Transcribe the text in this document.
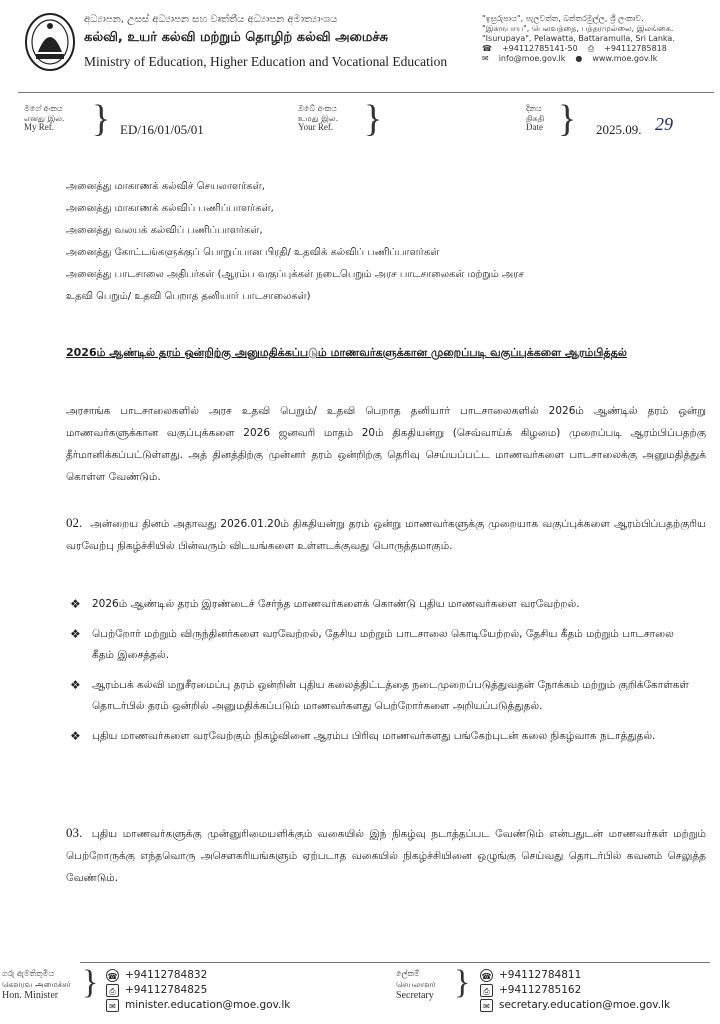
අධ්‍යාපන, උසස් අධ්‍යාපන සහ වෘත්තීය අධ්‍යාපන අමාත්‍යාංශය
கல்வி, உயர் கல்வி மற்றும் தொழிற் கல்வி அமைச்சு
Ministry of Education, Higher Education and Vocational Education
"ඉසුරුපාය", පැලවත්ත, බත්තරමුල්ල, ශ්‍රී ලංකාව.
"இசுருபாய", பெலவத்தை, பத்தரமுல்லை, இலங்கை.
"Isurupaya", Pelawatta, Battaramulla, Sri Lanka.
☎ +94112785141-50 ⎙ +94112785818
✉ info@moe.gov.lk ● www.moe.gov.lk
මගේ අංකය
எனது இல.
My Ref. } ED/16/01/05/01
ඔබේ අංකය
உமது இல.
Your Ref. }	දිනය
திகதி
Date } 2025.09. 29
அனைத்து மாகாணக் கல்விச் செயலாளர்கள்,
அனைத்து மாகாணக் கல்விப் பணிப்பாளர்கள்,
அனைத்து வலயக் கல்விப் பணிப்பாளர்கள்,
அனைத்து கோட்டங்களுக்குப் பொறுப்பான பிரதி/ உதவிக் கல்விப் பணிப்பாளர்கள்
அனைத்து பாடசாலை அதிபர்கள் (ஆரம்ப வகுப்புக்கள் நடைபெறும் அரச பாடசாலைகள் மற்றும் அரச
உதவி பெறும்/ உதவி பெறாத தனியார் பாடசாலைகள்)
2026ம் ஆண்டில் தரம் ஒன்றிற்கு அனுமதிக்கப்படும் மாணவர்களுக்கான முறைப்படி வகுப்புக்களை ஆரம்பித்தல்
அரசாங்க பாடசாலைகளில் அரச உதவி பெறும்/ உதவி பெறாத தனியார் பாடசாலைகளில் 2026ம் ஆண்டில் தரம் ஒன்று மாணவர்களுக்கான வகுப்புக்களை 2026 ஜனவரி மாதம் 20ம் திகதியன்று (செவ்வாய்க் கிழமை) முறைப்படி ஆரம்பிப்பதற்கு தீர்மானிக்கப்பட்டுள்ளது. அத் தினத்திற்கு முன்னர் தரம் ஒன்றிற்கு தெரிவு செய்யப்பட்ட மாணவர்களை பாடசாலைக்கு அனுமதித்துக் கொள்ள வேண்டும்.
02. அன்றைய தினம் அதாவது 2026.01.20ம் திகதியன்று தரம் ஒன்று மாணவர்களுக்கு முறையாக வகுப்புக்களை ஆரம்பிப்பதற்குரிய வரவேற்பு நிகழ்ச்சியில் பின்வரும் விடயங்களை உள்ளடக்குவது பொருத்தமாகும்.
❖ 2026ம் ஆண்டில் தரம் இரண்டைச் சேர்ந்த மாணவர்களைக் கொண்டு புதிய மாணவர்களை வரவேற்றல்.
❖ பெற்றோர் மற்றும் விருந்தினர்களை வரவேற்றல், தேசிய மற்றும் பாடசாலை கொடியேற்றல், தேசிய கீதம் மற்றும் பாடசாலை கீதம் இசைத்தல்.
❖ ஆரம்பக் கல்வி மறுசீரமைப்பு தரம் ஒன்றின் புதிய கலைத்திட்டத்தை நடைமுறைப்படுத்துவதன் நோக்கம் மற்றும் குறிக்கோள்கள் தொடர்பில் தரம் ஒன்றில் அனுமதிக்கப்படும் மாணவர்களது பெற்றோர்களை அறியப்படுத்துதல்.
❖ புதிய மாணவர்களை வரவேற்கும் நிகழ்வினை ஆரம்ப பிரிவு மாணவர்களது பங்கேற்புடன் கலை நிகழ்வாக நடாத்துதல்.
03. புதிய மாணவர்களுக்கு முன்னுரிமையளிக்கும் வகையில் இந் நிகழ்வு நடாத்தப்பட வேண்டும் என்பதுடன் மாணவர்கள் மற்றும் பெற்றோருக்கு எந்தவொரு அசௌகரியங்களும் ஏற்படாத வகையில் நிகழ்ச்சியினை ஒழுங்கு செய்வது தொடர்பில் கவனம் செலுத்த வேண்டும்.
ගරු ඇමතිතුමිය
கௌரவ அமைச்சர்
Hon. Minister } ☎ +94112784832
⎙ +94112784825
✉ minister.education@moe.gov.lk
ලේකම්
செயலாளர்
Secretary } ☎ +94112784811
⎙ +94112785162
✉ secretary.education@moe.gov.lk
